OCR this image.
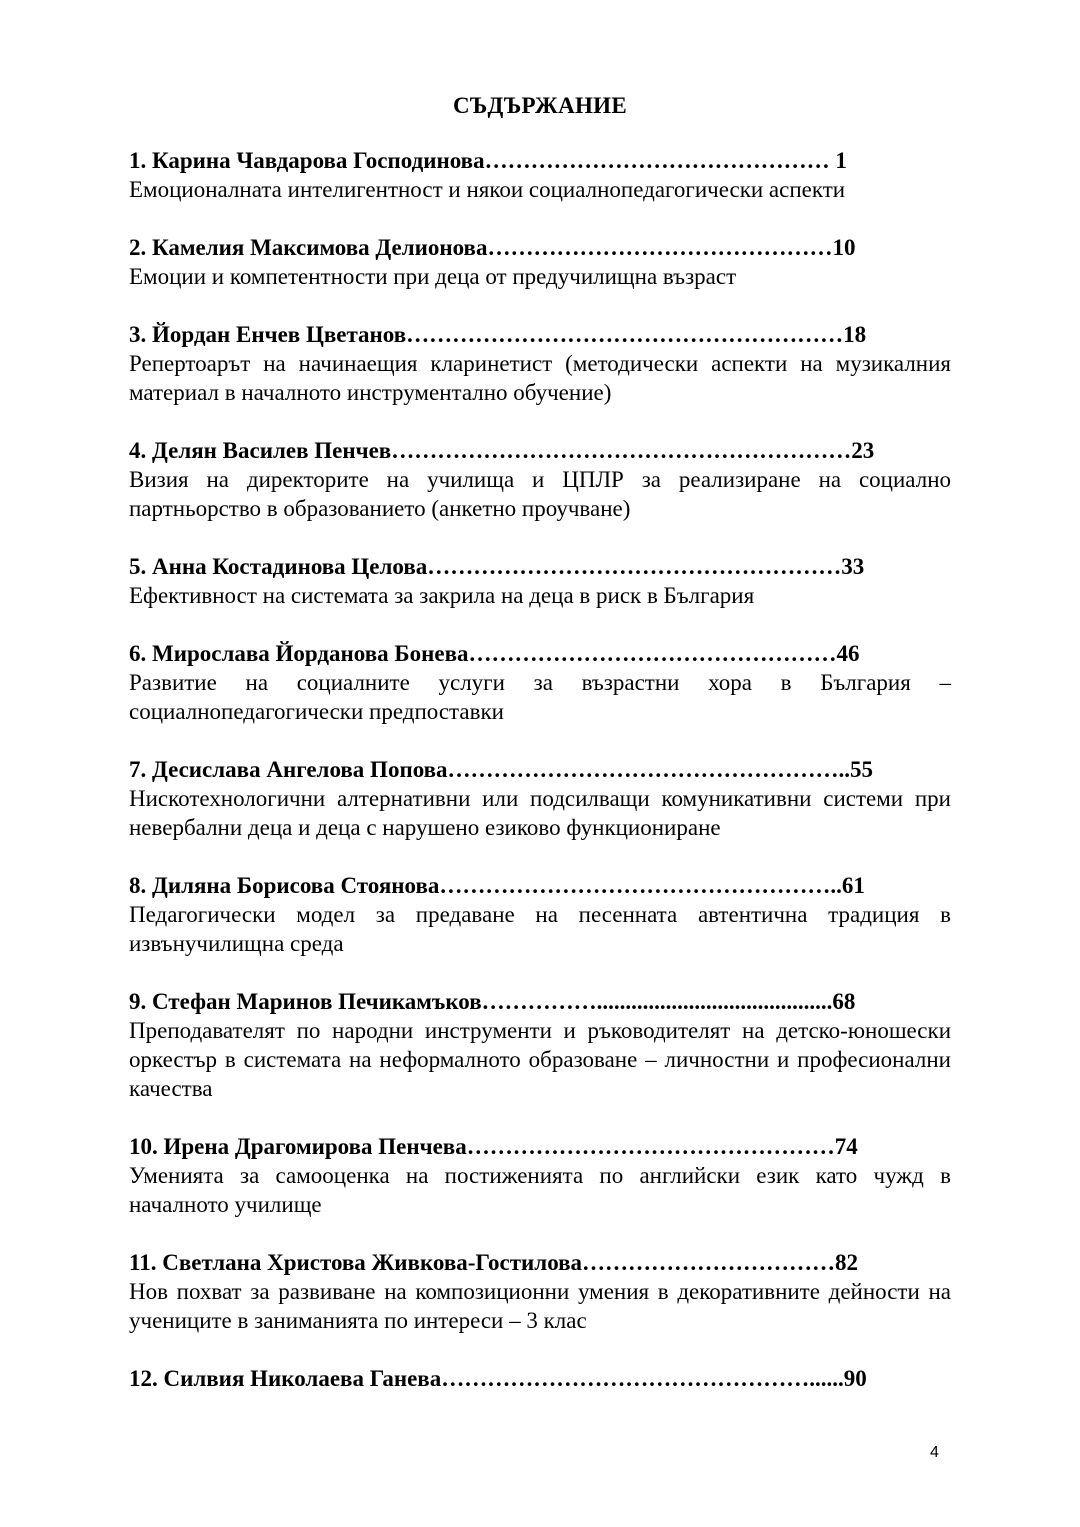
СЪДЪРЖАНИЕ
1. Карина Чавдарова Господинова……………………………………… 1
Емоционалната интелигентност и някои социалнопедагогически аспекти
2. Камелия Максимова Делионова………………………………………10
Емоции и компетентности при деца от предучилищна възраст
3. Йордан Енчев Цветанов…………………………………………………18
Репертоарът на начинаещия кларинетист (методически аспекти на музикалния материал в началното инструментално обучение)
4. Делян Василев Пенчев……………………………………………………23
Визия на директорите на училища и ЦПЛР за реализиране на социално партньорство в образованието (анкетно проучване)
5. Анна Костадинова Целова………………………………………………33
Ефективност на системата за закрила на деца в риск в България
6. Мирослава Йорданова Бонева…………………………………………46
Развитие на социалните услуги за възрастни хора в България – социалнопедагогически предпоставки
7. Десислава Ангелова Попова……………………………………………..55
Нискотехнологични алтернативни или подсилващи комуникативни системи при невербални деца и деца с нарушено езиково функциониране
8. Диляна Борисова Стоянова……………………………………………..61
Педагогически модел за предаване на песенната автентична традиция в извънучилищна среда
9. Стефан Маринов Печикамъков…………….........................................68
Преподавателят по народни инструменти и ръководителят на детско-юношески оркестър в системата на неформалното образоване – личностни и професионални качества
10. Ирена Драгомирова Пенчева…………………………………………74
Уменията за самооценка на постиженията по английски език като чужд в началното училище
11. Светлана Христова Живкова-Гостилова……………………………82
Нов похват за развиване на композиционни умения в декоративните дейности на учениците в заниманията по интереси – 3 клас
12. Силвия Николаева Ганева…………………………………………......90
4
